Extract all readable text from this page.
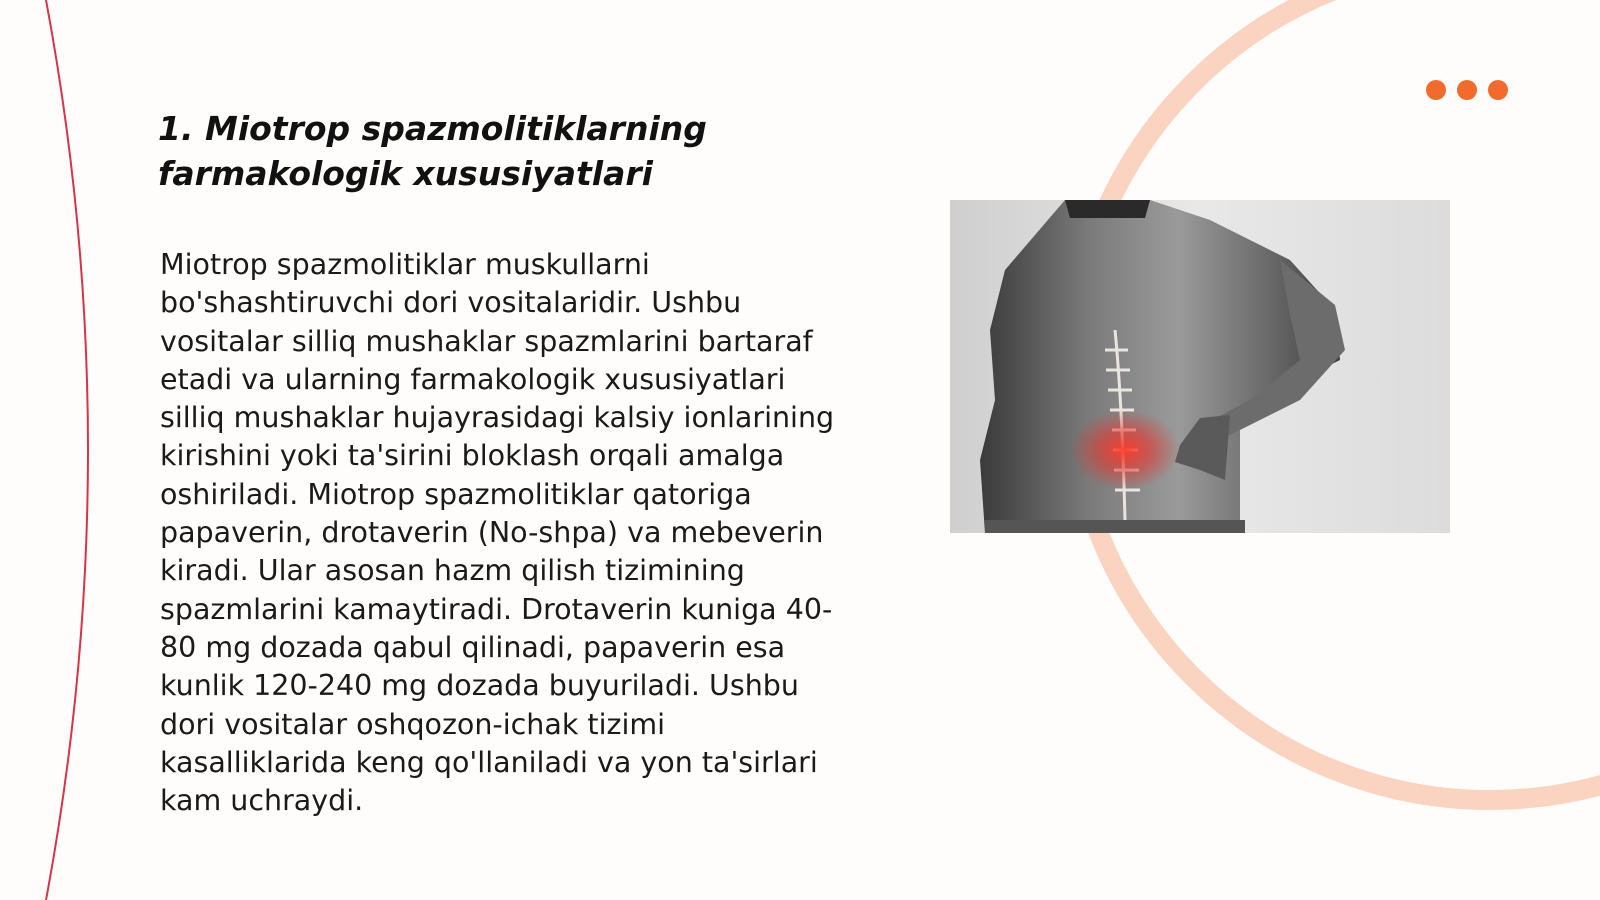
1. Miotrop spazmolitiklarning farmakologik xususiyatlari

Miotrop spazmolitiklar muskullarni bo'shashtiruvchi dori vositalaridir. Ushbu vositalar silliq mushaklar spazmlarini bartaraf etadi va ularning farmakologik xususiyatlari silliq mushaklar hujayrasidagi kalsiy ionlarining kirishini yoki ta'sirini bloklash orqali amalga oshiriladi. Miotrop spazmolitiklar qatoriga papaverin, drotaverin (No-shpa) va mebeverin kiradi. Ular asosan hazm qilish tizimining spazmlarini kamaytiradi. Drotaverin kuniga 40-80 mg dozada qabul qilinadi, papaverin esa kunlik 120-240 mg dozada buyuriladi. Ushbu dori vositalar oshqozon-ichak tizimi kasalliklarida keng qo'llaniladi va yon ta'sirlari kam uchraydi.
